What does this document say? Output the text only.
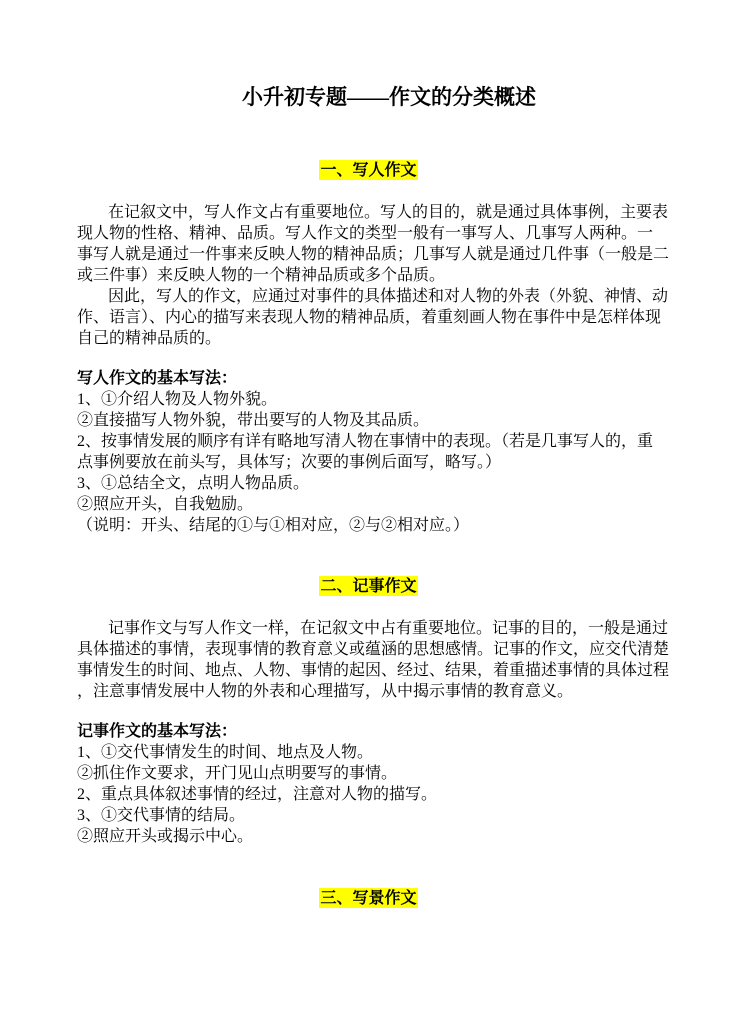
小升初专题——作文的分类概述
一、写人作文
在记叙文中，写人作文占有重要地位。写人的目的，就是通过具体事例，主要表
现人物的性格、精神、品质。写人作文的类型一般有一事写人、几事写人两种。一
事写人就是通过一件事来反映人物的精神品质；几事写人就是通过几件事（一般是二
或三件事）来反映人物的一个精神品质或多个品质。
因此，写人的作文，应通过对事件的具体描述和对人物的外表（外貌、神情、动
作、语言）、内心的描写来表现人物的精神品质，着重刻画人物在事件中是怎样体现
自己的精神品质的。
写人作文的基本写法：
1、①介绍人物及人物外貌。
②直接描写人物外貌，带出要写的人物及其品质。
2、按事情发展的顺序有详有略地写清人物在事情中的表现。（若是几事写人的，重
点事例要放在前头写，具体写；次要的事例后面写，略写。）
3、①总结全文，点明人物品质。
②照应开头，自我勉励。
（说明：开头、结尾的①与①相对应，②与②相对应。）
二、记事作文
记事作文与写人作文一样，在记叙文中占有重要地位。记事的目的，一般是通过
具体描述的事情，表现事情的教育意义或蕴涵的思想感情。记事的作文，应交代清楚
事情发生的时间、地点、人物、事情的起因、经过、结果，着重描述事情的具体过程
，注意事情发展中人物的外表和心理描写，从中揭示事情的教育意义。
记事作文的基本写法：
1、①交代事情发生的时间、地点及人物。
②抓住作文要求，开门见山点明要写的事情。
2、重点具体叙述事情的经过，注意对人物的描写。
3、①交代事情的结局。
②照应开头或揭示中心。
三、写景作文
